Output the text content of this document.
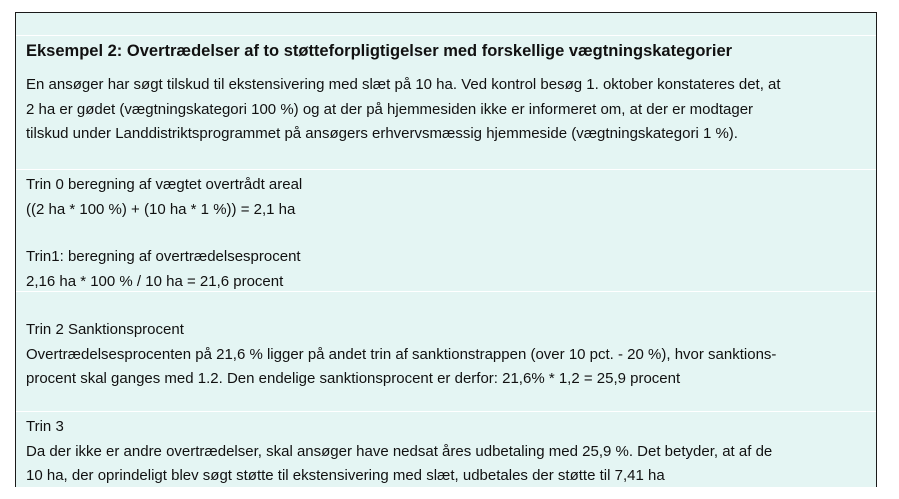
Eksempel 2: Overtrædelser af to støtteforpligtigelser med forskellige vægtningskategorier

En ansøger har søgt tilskud til ekstensivering med slæt på 10 ha. Ved kontrol besøg 1. oktober konstateres det, at
2 ha er gødet (vægtningskategori 100 %) og at der på hjemmesiden ikke er informeret om, at der er modtager
tilskud under Landdistriktsprogrammet på ansøgers erhvervsmæssig hjemmeside (vægtningskategori 1 %).

Trin 0 beregning af vægtet overtrådt areal
((2 ha * 100 %) + (10 ha * 1 %)) = 2,1 ha

Trin1: beregning af overtrædelsesprocent
2,16 ha * 100 % / 10 ha = 21,6 procent

Trin 2 Sanktionsprocent
Overtrædelsesprocenten på 21,6 % ligger på andet trin af sanktionstrappen (over 10 pct. - 20 %), hvor sanktions-
procent skal ganges med 1.2. Den endelige sanktionsprocent er derfor: 21,6% * 1,2 = 25,9 procent

Trin 3
Da der ikke er andre overtrædelser, skal ansøger have nedsat åres udbetaling med 25,9 %. Det betyder, at af de
10 ha, der oprindeligt blev søgt støtte til ekstensivering med slæt, udbetales der støtte til 7,41 ha
